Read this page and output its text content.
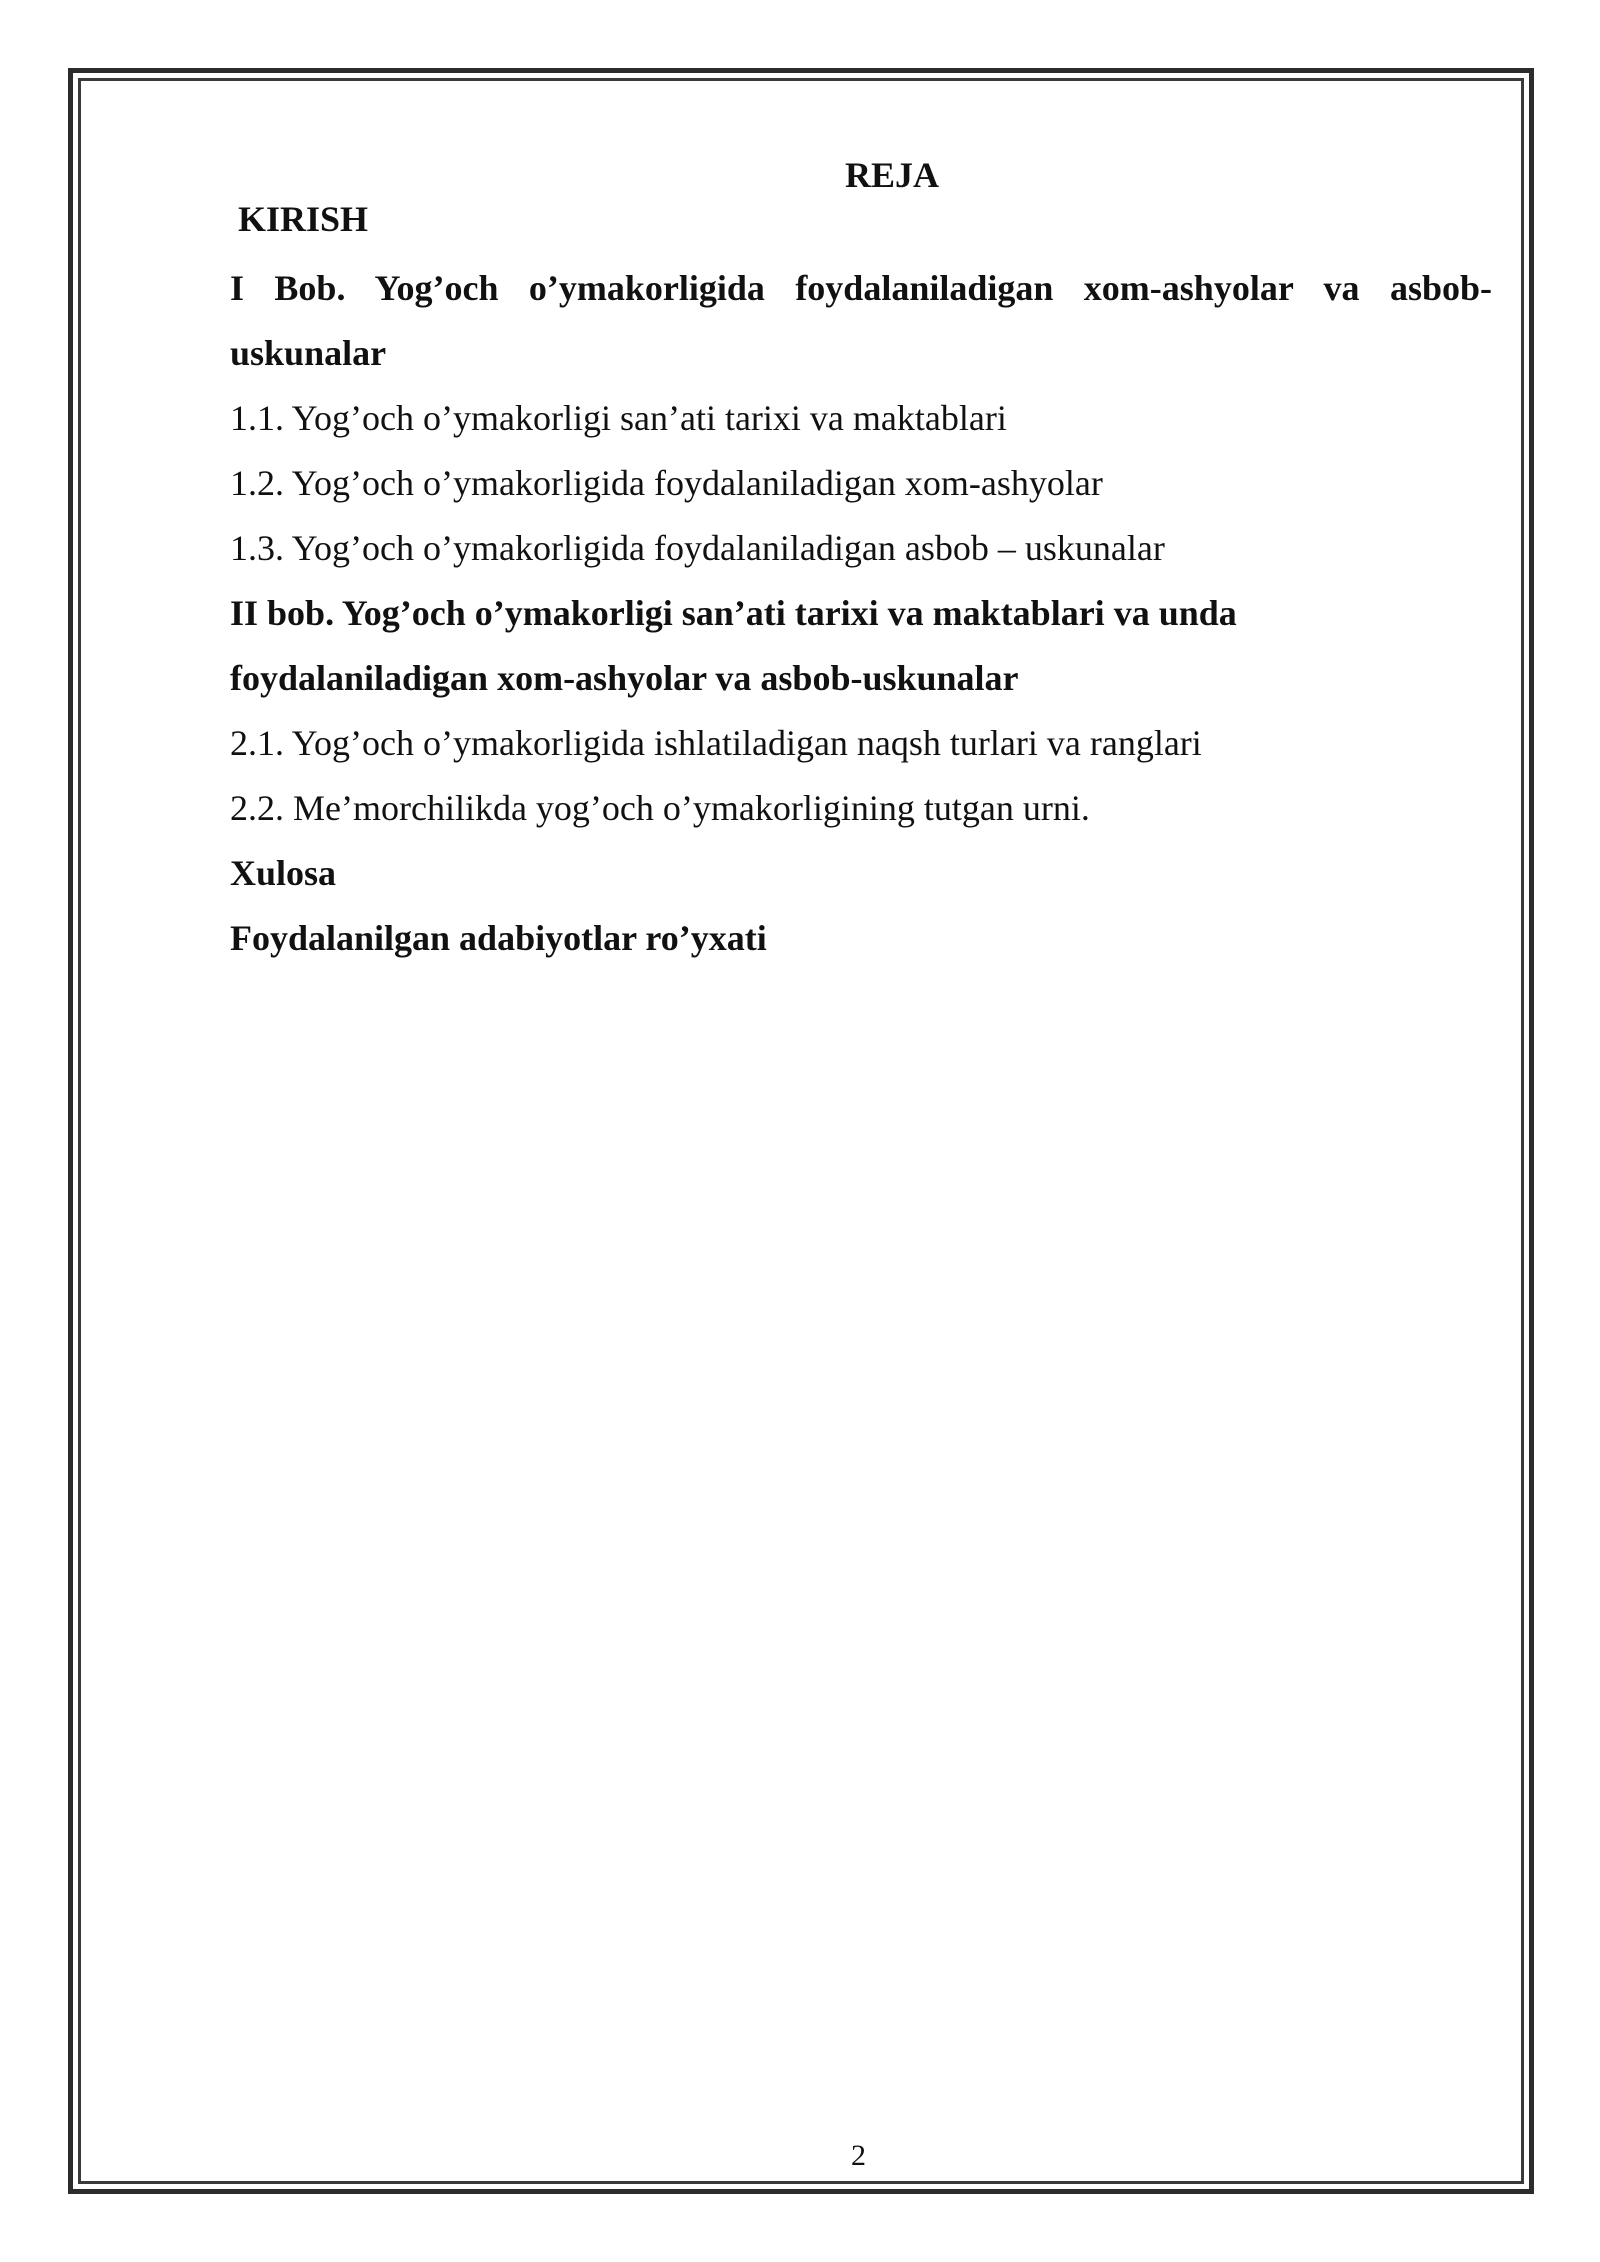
REJA

KIRISH

I Bob. Yog’och o’ymakorligida foydalaniladigan xom-ashyolar va asbob-uskunalar
1.1. Yog’och o’ymakorligi san’ati tarixi va maktablari
1.2. Yog’och o’ymakorligida foydalaniladigan xom-ashyolar
1.3. Yog’och o’ymakorligida foydalaniladigan asbob – uskunalar
II bob. Yog’och o’ymakorligi san’ati tarixi va maktablari va unda foydalaniladigan xom-ashyolar va asbob-uskunalar
2.1. Yog’och o’ymakorligida ishlatiladigan naqsh turlari va ranglari
2.2. Me’morchilikda yog’och o’ymakorligining tutgan urni.
Xulosa
Foydalanilgan adabiyotlar ro’yxati

2
